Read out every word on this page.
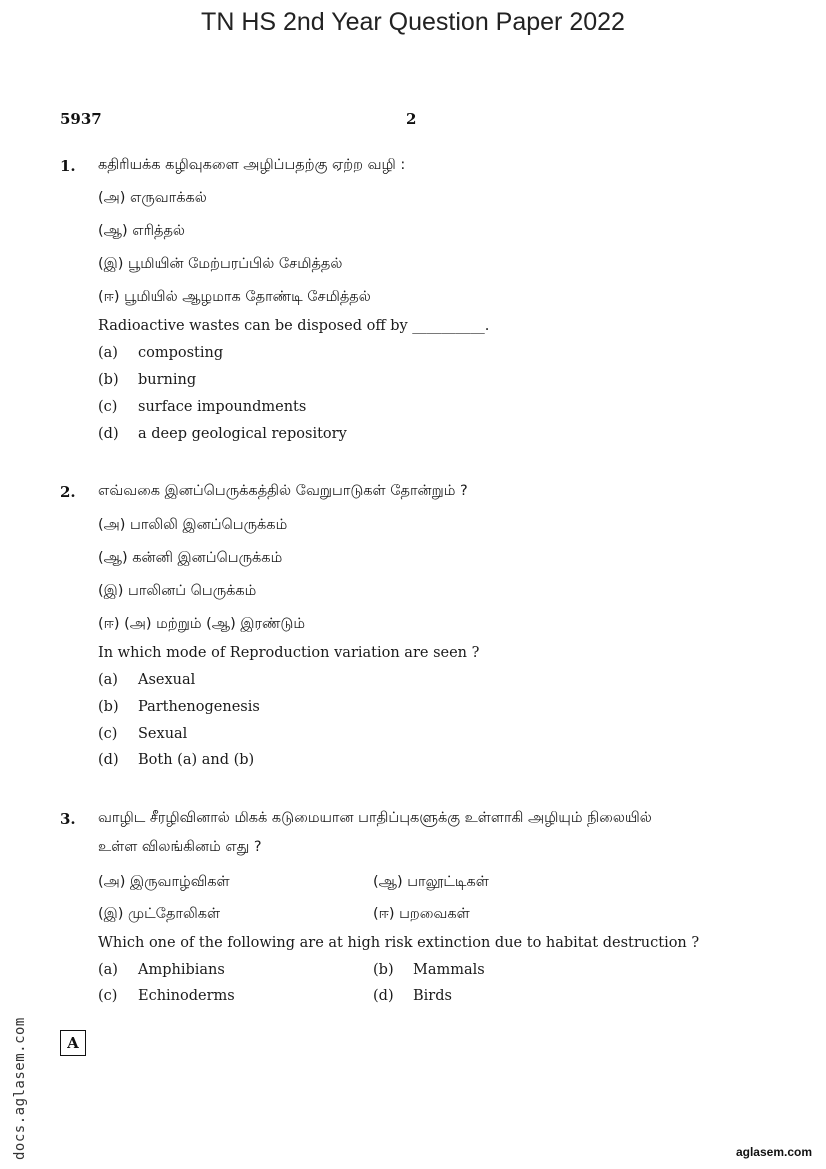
TN HS 2nd Year Question Paper 2022
5937	2
1. கதிரியக்க கழிவுகளை அழிப்பதற்கு ஏற்ற வழி :
(அ) எருவாக்கல்
(ஆ) எரித்தல்
(இ) பூமியின் மேற்பரப்பில் சேமித்தல்
(ஈ) பூமியில் ஆழமாக தோண்டி சேமித்தல்
Radioactive wastes can be disposed off by __________.
(a) composting
(b) burning
(c) surface impoundments
(d) a deep geological repository
2. எவ்வகை இனப்பெருக்கத்தில் வேறுபாடுகள் தோன்றும் ?
(அ) பாலிலி இனப்பெருக்கம்
(ஆ) கன்னி இனப்பெருக்கம்
(இ) பாலினப் பெருக்கம்
(ஈ) (அ) மற்றும் (ஆ) இரண்டும்
In which mode of Reproduction variation are seen ?
(a) Asexual
(b) Parthenogenesis
(c) Sexual
(d) Both (a) and (b)
3. வாழிட சீரழிவினால் மிகக் கடுமையான பாதிப்புகளுக்கு உள்ளாகி அழியும் நிலையில்
உள்ள விலங்கினம் எது ?
(அ) இருவாழ்விகள்	(ஆ) பாலூட்டிகள்
(இ) முட்தோலிகள்	(ஈ) பறவைகள்
Which one of the following are at high risk extinction due to habitat destruction ?
(a) Amphibians	(b) Mammals
(c) Echinoderms	(d) Birds
A
docs.aglasem.com	aglasem.com
